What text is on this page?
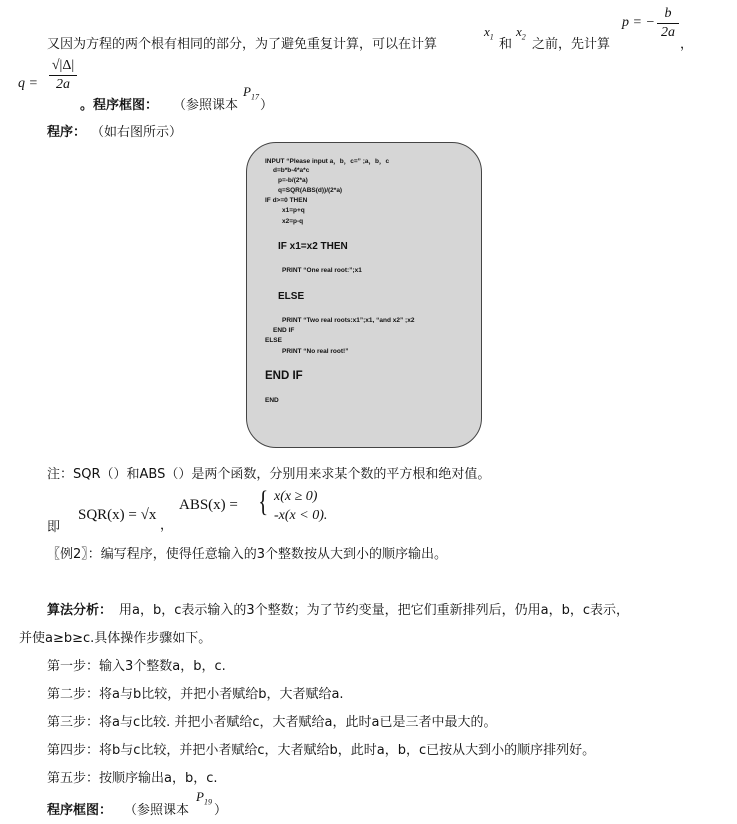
又因为方程的两个根有相同的部分，为了避免重复计算，可以在计算
$x_1$ 和
$x_2$ 之前，先计算
p = −
b
2a
，
q =
√|Δ|
2a
。程序框图： （参照课本
$P_{17}$
）
程序： （如右图所示）
INPUT “Please input a，b，c=” ;a，b，c
d=b*b-4*a*c
p=-b/(2*a)
q=SQR(ABS(d))/(2*a)
IF d>=0 THEN
x1=p+q
x2=p-q
IF x1=x2 THEN
PRINT “One real root:”;x1
ELSE
PRINT “Two real roots:x1”;x1, “and x2” ;x2
END IF
ELSE
PRINT “No real root!”
END IF
END
注：SQR（）和ABS（）是两个函数，分别用来求某个数的平方根和绝对值。
即
SQR(x) = √x
，
ABS(x) = { x(x ≥ 0)
-x(x < 0).
〖例2〗：编写程序，使得任意输入的3个整数按从大到小的顺序输出。
算法分析： 用a，b，c表示输入的3个整数；为了节约变量，把它们重新排列后，仍用a，b，c表示，
并使a≥b≥c.具体操作步骤如下。
第一步：输入3个整数a，b，c.
第二步：将a与b比较，并把小者赋给b，大者赋给a.
第三步：将a与c比较. 并把小者赋给c，大者赋给a，此时a已是三者中最大的。
第四步：将b与c比较，并把小者赋给c，大者赋给b，此时a，b，c已按从大到小的顺序排列好。
第五步：按顺序输出a，b，c.
程序框图： （参照课本
$P_{19}$
）
